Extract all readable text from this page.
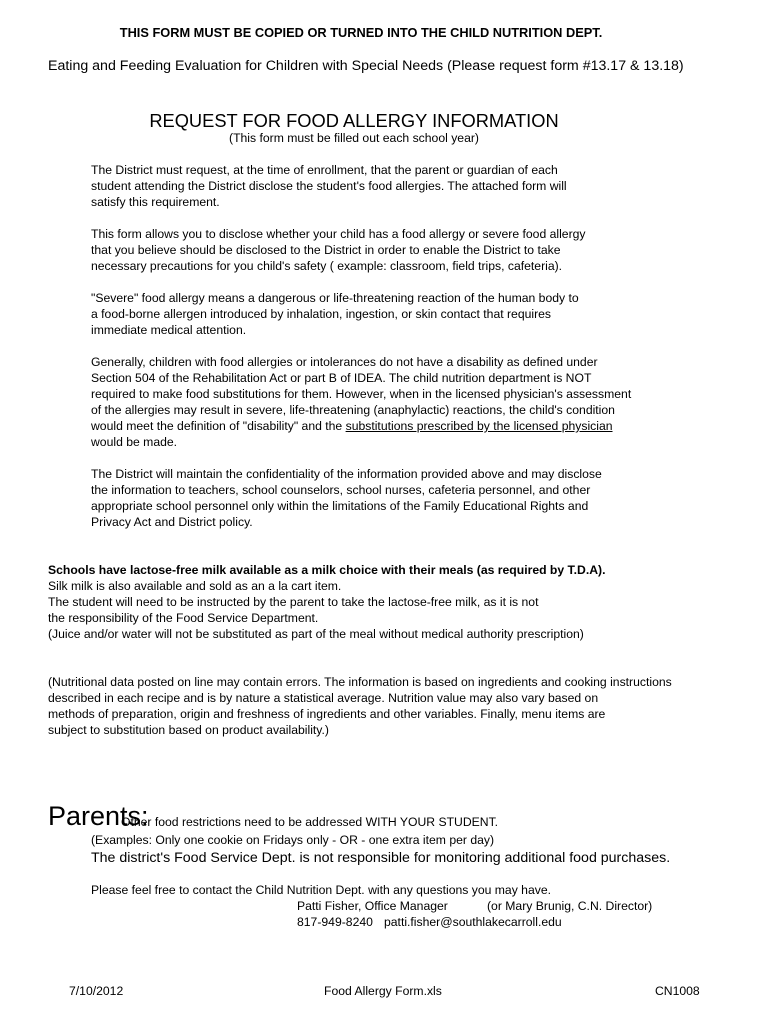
THIS FORM MUST BE COPIED OR TURNED INTO THE CHILD NUTRITION DEPT.
Eating and Feeding Evaluation for Children with Special Needs (Please request form #13.17 & 13.18)
REQUEST FOR FOOD ALLERGY INFORMATION
(This form must be filled out each school year)
The District must request, at the time of enrollment, that the parent or guardian of each
student attending the District disclose the student's food allergies. The attached form will
satisfy this requirement.
This form allows you to disclose whether your child has a food allergy or severe food allergy
that you believe should be disclosed to the District in order to enable the District to take
necessary precautions for you child's safety ( example: classroom, field trips, cafeteria).
"Severe" food allergy means a dangerous or life-threatening reaction of the human body to
a food-borne allergen introduced by inhalation, ingestion, or skin contact that requires
immediate medical attention.
Generally, children with food allergies or intolerances do not have a disability as defined under
Section 504 of the Rehabilitation Act or part B of IDEA. The child nutrition department is NOT
required to make food substitutions for them. However, when in the licensed physician's assessment
of the allergies may result in severe, life-threatening (anaphylactic) reactions, the child's condition
would meet the definition of "disability" and the substitutions prescribed by the licensed physician
would be made.
The District will maintain the confidentiality of the information provided above and may disclose
the information to teachers, school counselors, school nurses, cafeteria personnel, and other
appropriate school personnel only within the limitations of the Family Educational Rights and
Privacy Act and District policy.
Schools have lactose-free milk available as a milk choice with their meals (as required by T.D.A).
Silk milk is also available and sold as an a la cart item.
The student will need to be instructed by the parent to take the lactose-free milk, as it is not
the responsibility of the Food Service Department.
(Juice and/or water will not be substituted as part of the meal without medical authority prescription)
(Nutritional data posted on line may contain errors. The information is based on ingredients and cooking instructions
described in each recipe and is by nature a statistical average. Nutrition value may also vary based on
methods of preparation, origin and freshness of ingredients and other variables. Finally, menu items are
subject to substitution based on product availability.)
Parents:
Other food restrictions need to be addressed WITH YOUR STUDENT.
(Examples: Only one cookie on Fridays only - OR - one extra item per day)
The district's Food Service Dept. is not responsible for monitoring additional food purchases.
Please feel free to contact the Child Nutrition Dept. with any questions you may have.
Patti Fisher, Office Manager	(or Mary Brunig, C.N. Director)
817-949-8240 patti.fisher@southlakecarroll.edu
7/10/2012	Food Allergy Form.xls	CN1008
